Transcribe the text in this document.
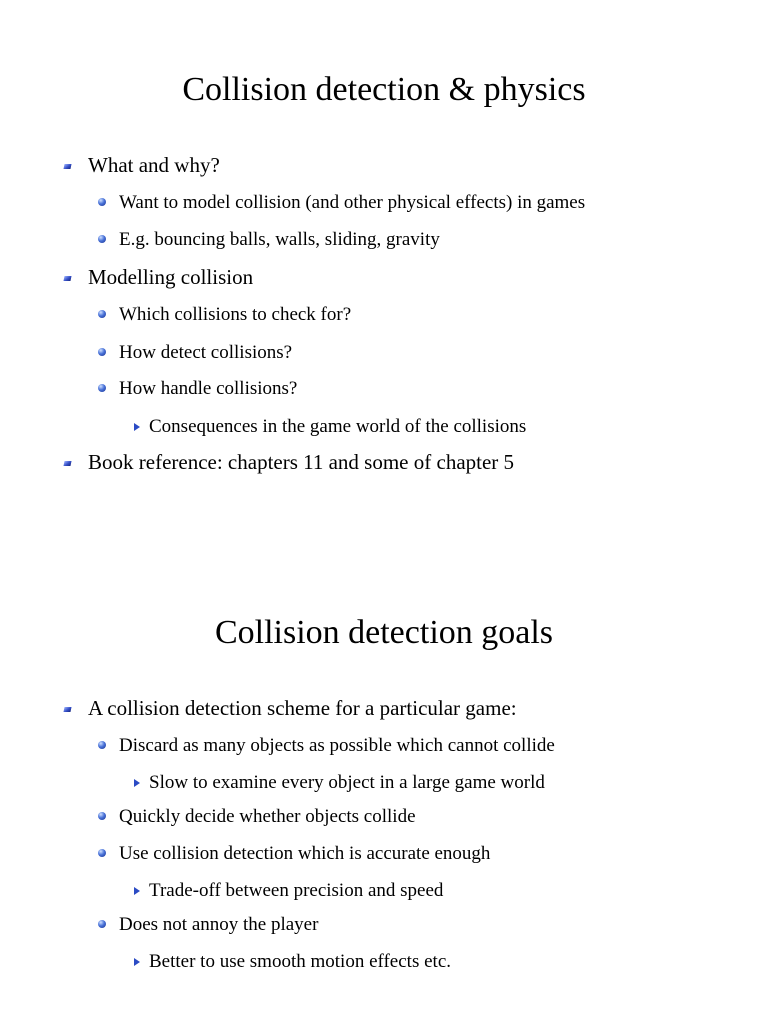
Collision detection & physics
What and why?
Want to model collision (and other physical effects) in games
E.g. bouncing balls, walls, sliding, gravity
Modelling collision
Which collisions to check for?
How detect collisions?
How handle collisions?
Consequences in the game world of the collisions
Book reference: chapters 11 and some of chapter 5
Collision detection goals
A collision detection scheme for a particular game:
Discard as many objects as possible which cannot collide
Slow to examine every object in a large game world
Quickly decide whether objects collide
Use collision detection which is accurate enough
Trade-off between precision and speed
Does not annoy the player
Better to use smooth motion effects etc.
